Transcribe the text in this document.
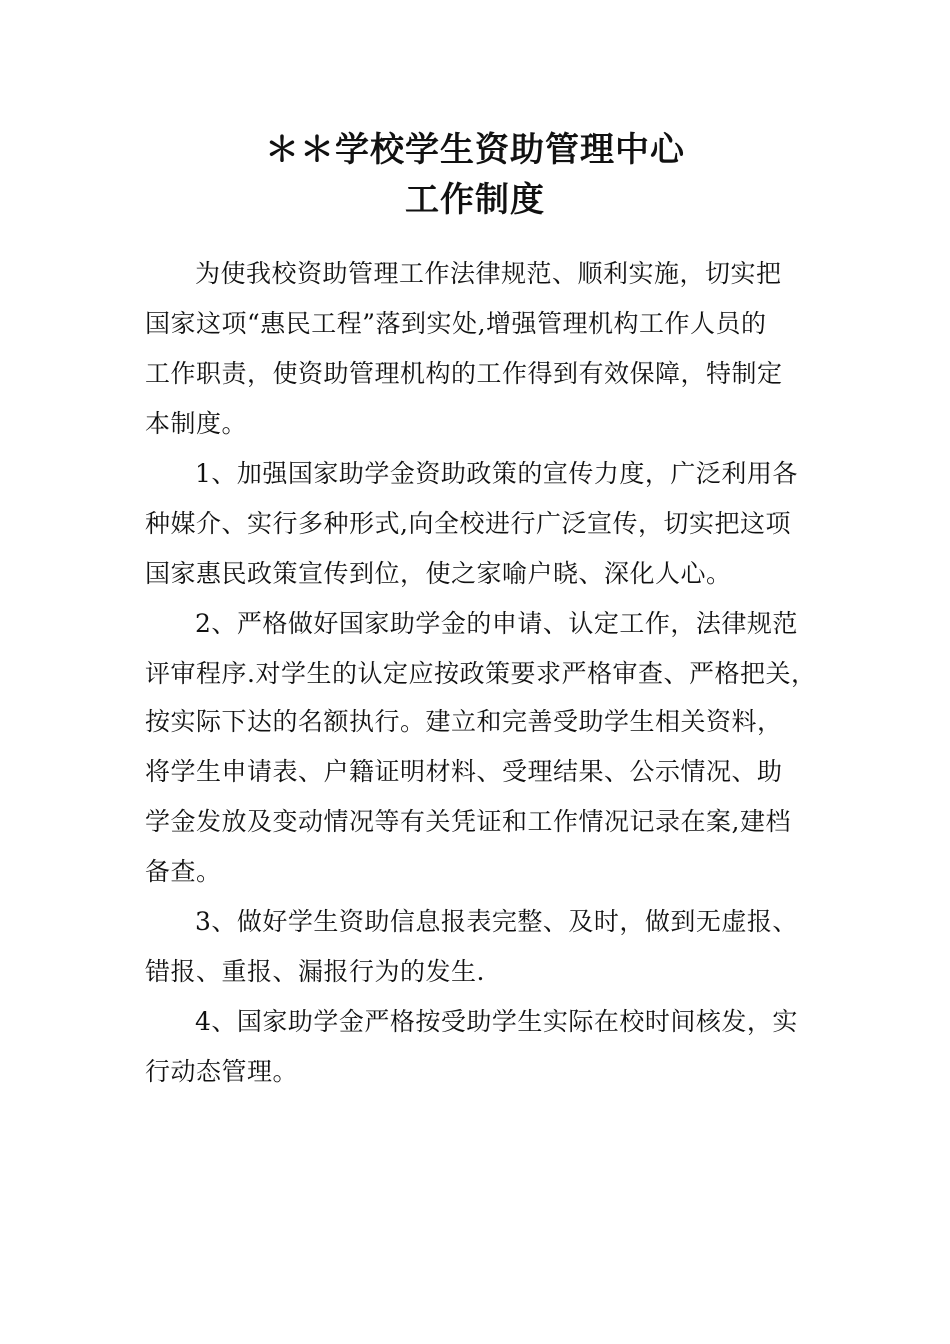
＊＊学校学生资助管理中心
工作制度
为使我校资助管理工作法律规范、顺利实施，切实把
国家这项“惠民工程”落到实处,增强管理机构工作人员的
工作职责，使资助管理机构的工作得到有效保障，特制定
本制度。
1、加强国家助学金资助政策的宣传力度，广泛利用各
种媒介、实行多种形式,向全校进行广泛宣传，切实把这项
国家惠民政策宣传到位，使之家喻户晓、深化人心。
2、严格做好国家助学金的申请、认定工作，法律规范
评审程序.对学生的认定应按政策要求严格审查、严格把关，
按实际下达的名额执行。建立和完善受助学生相关资料，
将学生申请表、户籍证明材料、受理结果、公示情况、助
学金发放及变动情况等有关凭证和工作情况记录在案,建档
备查。
3、做好学生资助信息报表完整、及时，做到无虚报、
错报、重报、漏报行为的发生.
4、国家助学金严格按受助学生实际在校时间核发，实
行动态管理。
